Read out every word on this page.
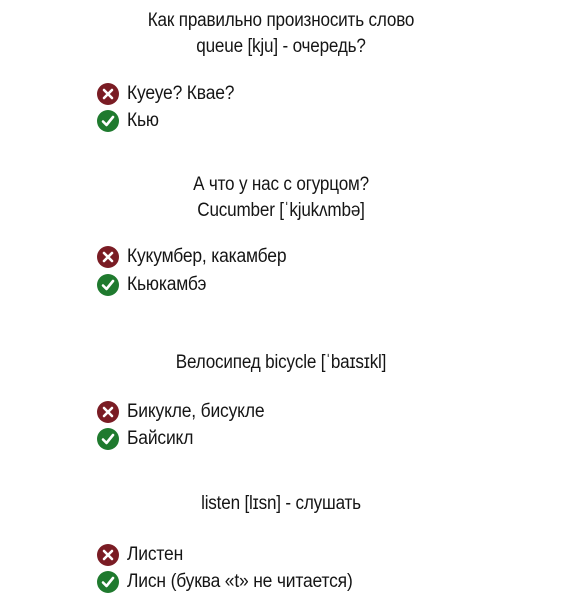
Как правильно произносить слово
queue [kju] - очередь?
Куеуе? Квае?
Кью
А что у нас с огурцом?
Cucumber [ˈkjukʌmbə]
Кукумбер, какамбер
Кьюкамбэ
Велосипед bicycle [ˈbaɪsɪkl]
Бикукле, бисукле
Байсикл
listen [lɪsn] - слушать
Листен
Лисн (буква «t» не читается)
